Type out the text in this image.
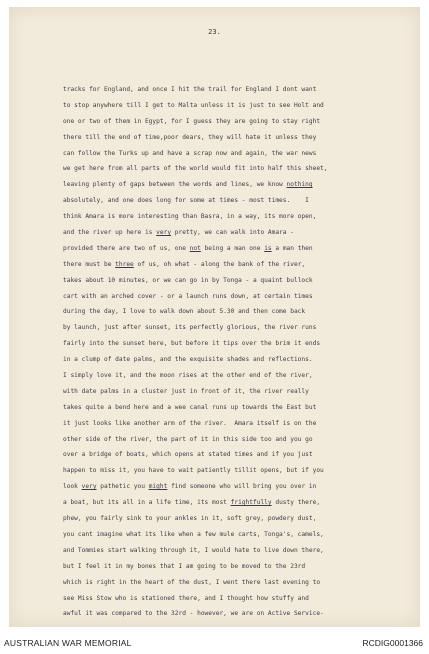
23.
tracks for England, and once I hit the trail for England I dont want
to stop anywhere till I get to Malta unless it is just to see Holt and
one or two of them in Egypt, for I guess they are going to stay right
there till the end of time,poor dears, they will hate it unless they
can follow the Turks up and have a scrap now and again, the war news
we get here from all parts of the world would fit into half this sheet,
leaving plenty of gaps between the words and lines, we know nothing
absolutely, and one does long for some at times - most times.    I
think Amara is more interesting than Basra, in a way, its more open,
and the river up here is very pretty, we can walk into Amara -
provided there are two of us, one not being a man one is a man then
there must be three of us, oh what - along the bank of the river,
takes about 10 minutes, or we can go in by Tonga - a quaint bullock
cart with an arched cover - or a launch runs down, at certain times
during the day, I love to walk down about 5.30 and then come back
by launch, just after sunset, its perfectly glorious, the river runs
fairly into the sunset here, but before it tips over the brim it ends
in a clump of date palms, and the exquisite shades and reflections.
I simply love it, and the moon rises at the other end of the river,
with date palms in a cluster just in front of it, the river really
takes quite a bend here and a wee canal runs up towards the East but
it just looks like another arm of the river.  Amara itself is on the
other side of the river, the part of it in this side too and you go
over a bridge of boats, which opens at stated times and if you just
happen to miss it, you have to wait patiently tillit opens, but if you
look very pathetic you might find someone who will bring you over in
a boat, but its all in a life time, its most frightfully dusty there,
phew, you fairly sink to your ankles in it, soft grey, powdery dust,
you cant imagine what its like when a few mule carts, Tonga's, camels,
and Tommies start walking through it, I would hate to live down there,
but I feel it in my bones that I am going to be moved to the 23rd
which is right in the heart of the dust, I went there last evening to
see Miss Stow who is stationed there, and I thought how stuffy and
awful it was compared to the 32rd - however, we are on Active Service-
AUSTRALIAN WAR MEMORIAL	RCDIG0001366
